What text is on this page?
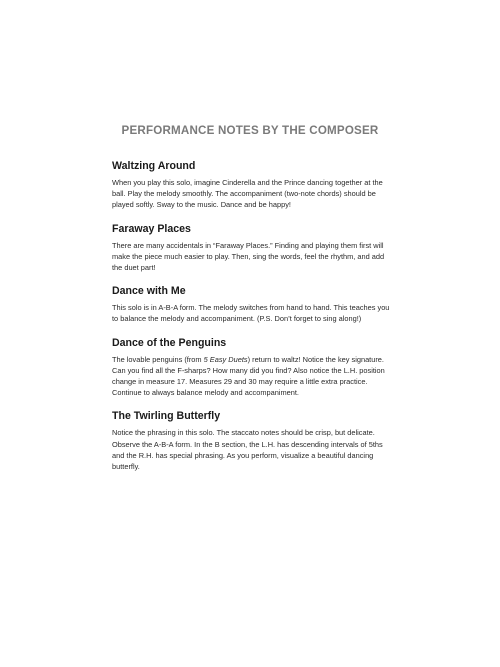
PERFORMANCE NOTES BY THE COMPOSER
Waltzing Around

When you play this solo, imagine Cinderella and the Prince dancing together at the ball. Play the melody smoothly. The accompaniment (two-note chords) should be played softly. Sway to the music. Dance and be happy!

Faraway Places

There are many accidentals in “Faraway Places.” Finding and playing them first will make the piece much easier to play. Then, sing the words, feel the rhythm, and add the duet part!

Dance with Me

This solo is in A-B-A form. The melody switches from hand to hand. This teaches you to balance the melody and accompaniment. (P.S. Don’t forget to sing along!)

Dance of the Penguins

The lovable penguins (from 5 Easy Duets) return to waltz! Notice the key signature. Can you find all the F-sharps? How many did you find? Also notice the L.H. position change in measure 17. Measures 29 and 30 may require a little extra practice. Continue to always balance melody and accompaniment.

The Twirling Butterfly

Notice the phrasing in this solo. The staccato notes should be crisp, but delicate. Observe the A-B-A form. In the B section, the L.H. has descending intervals of 5ths and the R.H. has special phrasing. As you perform, visualize a beautiful dancing butterfly.
